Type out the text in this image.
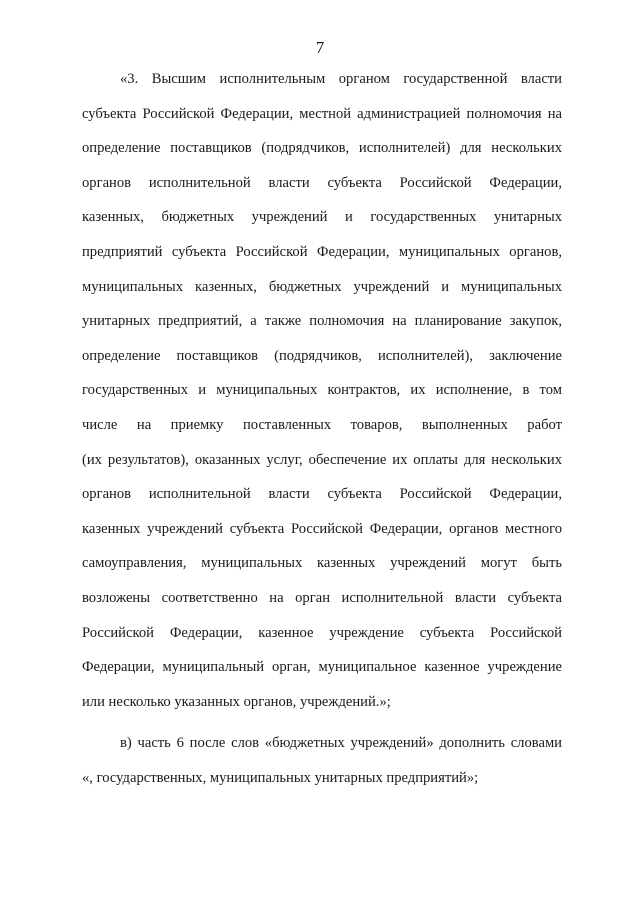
7
«3. Высшим исполнительным органом государственной власти
субъекта Российской Федерации, местной администрацией полномочия на
определение поставщиков (подрядчиков, исполнителей) для нескольких
органов исполнительной власти субъекта Российской Федерации,
казенных, бюджетных учреждений и государственных унитарных
предприятий субъекта Российской Федерации, муниципальных органов,
муниципальных казенных, бюджетных учреждений и муниципальных
унитарных предприятий, а также полномочия на планирование закупок,
определение поставщиков (подрядчиков, исполнителей), заключение
государственных и муниципальных контрактов, их исполнение, в том
числе на приемку поставленных товаров, выполненных работ
(их результатов), оказанных услуг, обеспечение их оплаты для нескольких
органов исполнительной власти субъекта Российской Федерации,
казенных учреждений субъекта Российской Федерации, органов местного
самоуправления, муниципальных казенных учреждений могут быть
возложены соответственно на орган исполнительной власти субъекта
Российской Федерации, казенное учреждение субъекта Российской
Федерации, муниципальный орган, муниципальное казенное учреждение
или несколько указанных органов, учреждений.»;
в) часть 6 после слов «бюджетных учреждений» дополнить словами
«, государственных, муниципальных унитарных предприятий»;
